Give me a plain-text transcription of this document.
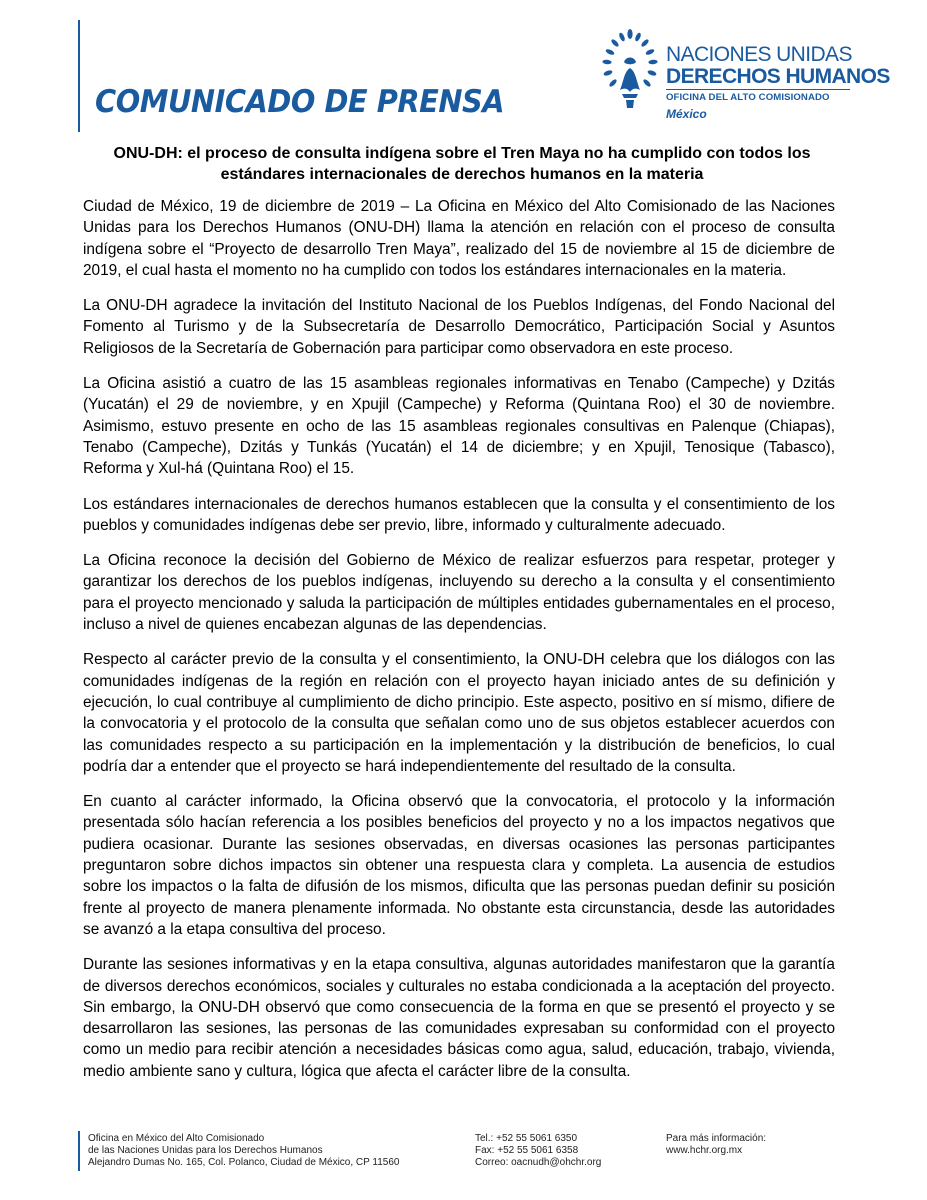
COMUNICADO DE PRENSA
NACIONES UNIDAS
DERECHOS HUMANOS
OFICINA DEL ALTO COMISIONADO
México
ONU-DH: el proceso de consulta indígena sobre el Tren Maya no ha cumplido con todos los estándares internacionales de derechos humanos en la materia

Ciudad de México, 19 de diciembre de 2019 – La Oficina en México del Alto Comisionado de las Naciones Unidas para los Derechos Humanos (ONU-DH) llama la atención en relación con el proceso de consulta indígena sobre el “Proyecto de desarrollo Tren Maya”, realizado del 15 de noviembre al 15 de diciembre de 2019, el cual hasta el momento no ha cumplido con todos los estándares internacionales en la materia.

La ONU-DH agradece la invitación del Instituto Nacional de los Pueblos Indígenas, del Fondo Nacional del Fomento al Turismo y de la Subsecretaría de Desarrollo Democrático, Participación Social y Asuntos Religiosos de la Secretaría de Gobernación para participar como observadora en este proceso.

La Oficina asistió a cuatro de las 15 asambleas regionales informativas en Tenabo (Campeche) y Dzitás (Yucatán) el 29 de noviembre, y en Xpujil (Campeche) y Reforma (Quintana Roo) el 30 de noviembre. Asimismo, estuvo presente en ocho de las 15 asambleas regionales consultivas en Palenque (Chiapas), Tenabo (Campeche), Dzitás y Tunkás (Yucatán) el 14 de diciembre; y en Xpujil, Tenosique (Tabasco), Reforma y Xul-há (Quintana Roo) el 15.

Los estándares internacionales de derechos humanos establecen que la consulta y el consentimiento de los pueblos y comunidades indígenas debe ser previo, libre, informado y culturalmente adecuado.

La Oficina reconoce la decisión del Gobierno de México de realizar esfuerzos para respetar, proteger y garantizar los derechos de los pueblos indígenas, incluyendo su derecho a la consulta y el consentimiento para el proyecto mencionado y saluda la participación de múltiples entidades gubernamentales en el proceso, incluso a nivel de quienes encabezan algunas de las dependencias.

Respecto al carácter previo de la consulta y el consentimiento, la ONU-DH celebra que los diálogos con las comunidades indígenas de la región en relación con el proyecto hayan iniciado antes de su definición y ejecución, lo cual contribuye al cumplimiento de dicho principio. Este aspecto, positivo en sí mismo, difiere de la convocatoria y el protocolo de la consulta que señalan como uno de sus objetos establecer acuerdos con las comunidades respecto a su participación en la implementación y la distribución de beneficios, lo cual podría dar a entender que el proyecto se hará independientemente del resultado de la consulta.

En cuanto al carácter informado, la Oficina observó que la convocatoria, el protocolo y la información presentada sólo hacían referencia a los posibles beneficios del proyecto y no a los impactos negativos que pudiera ocasionar. Durante las sesiones observadas, en diversas ocasiones las personas participantes preguntaron sobre dichos impactos sin obtener una respuesta clara y completa. La ausencia de estudios sobre los impactos o la falta de difusión de los mismos, dificulta que las personas puedan definir su posición frente al proyecto de manera plenamente informada. No obstante esta circunstancia, desde las autoridades se avanzó a la etapa consultiva del proceso.

Durante las sesiones informativas y en la etapa consultiva, algunas autoridades manifestaron que la garantía de diversos derechos económicos, sociales y culturales no estaba condicionada a la aceptación del proyecto. Sin embargo, la ONU-DH observó que como consecuencia de la forma en que se presentó el proyecto y se desarrollaron las sesiones, las personas de las comunidades expresaban su conformidad con el proyecto como un medio para recibir atención a necesidades básicas como agua, salud, educación, trabajo, vivienda, medio ambiente sano y cultura, lógica que afecta el carácter libre de la consulta.

Oficina en México del Alto Comisionado
de las Naciones Unidas para los Derechos Humanos
Alejandro Dumas No. 165, Col. Polanco, Ciudad de México, CP 11560
Tel.: +52 55 5061 6350
Fax: +52 55 5061 6358
Correo: oacnudh@ohchr.org
Para más información:
www.hchr.org.mx
